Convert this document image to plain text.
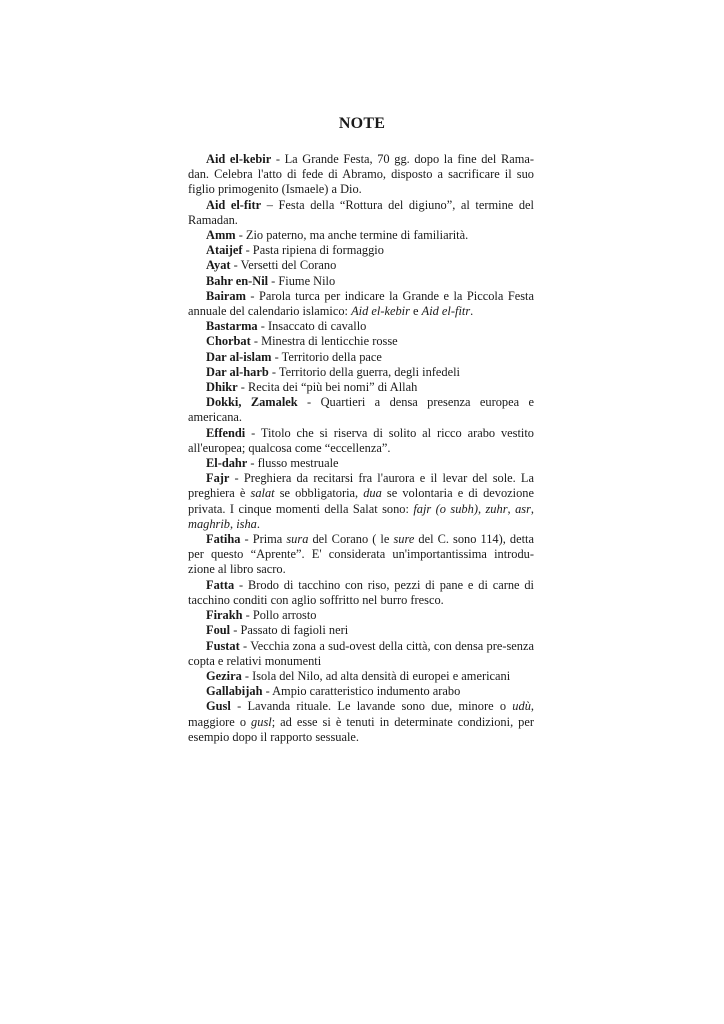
NOTE

Aid el-kebir - La Grande Festa, 70 gg. dopo la fine del Rama-dan. Celebra l'atto di fede di Abramo, disposto a sacrificare il suo figlio primogenito (Ismaele) a Dio.

Aid el-fitr – Festa della “Rottura del digiuno”, al termine del Ramadan.

Amm - Zio paterno, ma anche termine di familiarità.

Ataijef - Pasta ripiena di formaggio

Ayat - Versetti del Corano

Bahr en-Nil - Fiume Nilo

Bairam - Parola turca per indicare la Grande e la Piccola Festa annuale del calendario islamico: Aid el-kebir e Aid el-fitr.

Bastarma - Insaccato di cavallo

Chorbat - Minestra di lenticchie rosse

Dar al-islam - Territorio della pace

Dar al-harb - Territorio della guerra, degli infedeli

Dhikr - Recita dei “più bei nomi” di Allah

Dokki, Zamalek - Quartieri a densa presenza europea e americana.

Effendi - Titolo che si riserva di solito al ricco arabo vestito all'europea; qualcosa come “eccellenza”.

El-dahr - flusso mestruale

Fajr - Preghiera da recitarsi fra l'aurora e il levar del sole. La preghiera è salat se obbligatoria, dua se volontaria e di devozione privata. I cinque momenti della Salat sono: fajr (o subh), zuhr, asr, maghrib, isha.

Fatiha - Prima sura del Corano ( le sure del C. sono 114), detta per questo “Aprente”. E' considerata un'importantissima introdu-zione al libro sacro.

Fatta - Brodo di tacchino con riso, pezzi di pane e di carne di tacchino conditi con aglio soffritto nel burro fresco.

Firakh - Pollo arrosto

Foul - Passato di fagioli neri

Fustat - Vecchia zona a sud-ovest della città, con densa pre-senza copta e relativi monumenti

Gezira - Isola del Nilo, ad alta densità di europei e americani

Gallabijah - Ampio caratteristico indumento arabo

Gusl - Lavanda rituale. Le lavande sono due, minore o udù, maggiore o gusl; ad esse si è tenuti in determinate condizioni, per esempio dopo il rapporto sessuale.
